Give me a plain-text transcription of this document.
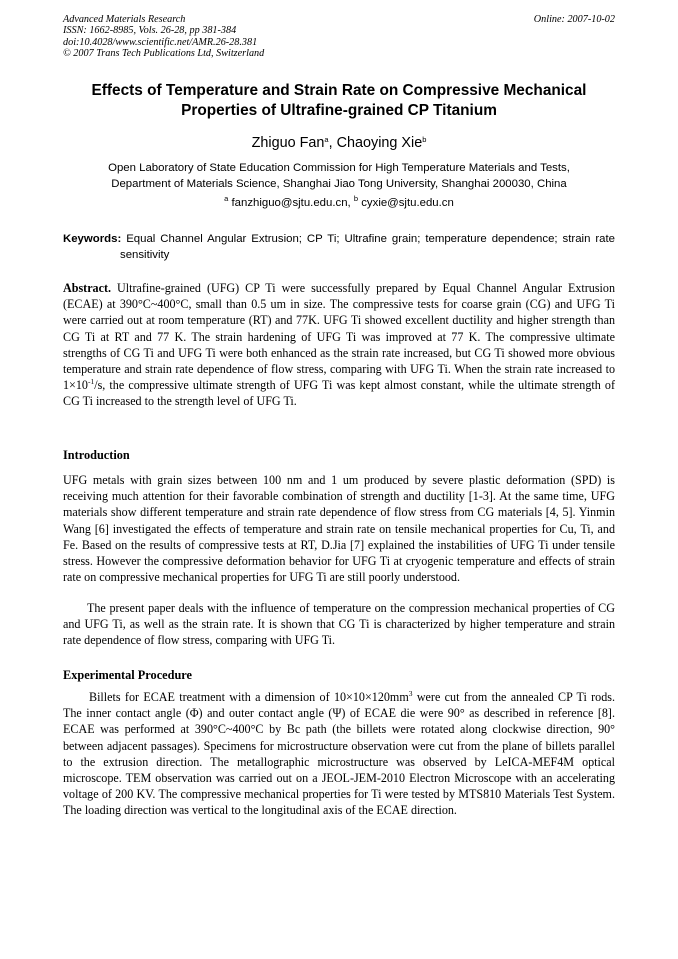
Advanced Materials Research
ISSN: 1662-8985, Vols. 26-28, pp 381-384
doi:10.4028/www.scientific.net/AMR.26-28.381
© 2007 Trans Tech Publications Ltd, Switzerland
Online: 2007-10-02
Effects of Temperature and Strain Rate on Compressive Mechanical
Properties of Ultrafine-grained CP Titanium
Zhiguo Fan$^a$, Chaoying Xie$^b$
Open Laboratory of State Education Commission for High Temperature Materials and Tests,
Department of Materials Science, Shanghai Jiao Tong University, Shanghai 200030, China
$^a$ fanzhiguo@sjtu.edu.cn, $^b$ cyxie@sjtu.edu.cn
Keywords: Equal Channel Angular Extrusion; CP Ti; Ultrafine grain; temperature dependence; strain rate sensitivity
Abstract. Ultrafine-grained (UFG) CP Ti were successfully prepared by Equal Channel Angular Extrusion (ECAE) at 390°C~400°C, small than 0.5 um in size. The compressive tests for coarse grain (CG) and UFG Ti were carried out at room temperature (RT) and 77K. UFG Ti showed excellent ductility and higher strength than CG Ti at RT and 77 K. The strain hardening of UFG Ti was improved at 77 K. The compressive ultimate strengths of CG Ti and UFG Ti were both enhanced as the strain rate increased, but CG Ti showed more obvious temperature and strain rate dependence of flow stress, comparing with UFG Ti. When the strain rate increased to $1\times 10^{-1}/s$, the compressive ultimate strength of UFG Ti was kept almost constant, while the ultimate strength of CG Ti increased to the strength level of UFG Ti.
Introduction
UFG metals with grain sizes between 100 nm and 1 um produced by severe plastic deformation (SPD) is receiving much attention for their favorable combination of strength and ductility [1-3]. At the same time, UFG materials show different temperature and strain rate dependence of flow stress from CG materials [4, 5]. Yinmin Wang [6] investigated the effects of temperature and strain rate on tensile mechanical properties for Cu, Ti, and Fe. Based on the results of compressive tests at RT, D.Jia [7] explained the instabilities of UFG Ti under tensile stress. However the compressive deformation behavior for UFG Ti at cryogenic temperature and effects of strain rate on compressive mechanical properties for UFG Ti are still poorly understood.
The present paper deals with the influence of temperature on the compression mechanical properties of CG and UFG Ti, as well as the strain rate. It is shown that CG Ti is characterized by higher temperature and strain rate dependence of flow stress, comparing with UFG Ti.
Experimental Procedure
Billets for ECAE treatment with a dimension of $10\times 10\times 120mm^3$ were cut from the annealed CP Ti rods. The inner contact angle (Φ) and outer contact angle (Ψ) of ECAE die were 90° as described in reference [8]. ECAE was performed at 390°C~400°C by Bc path (the billets were rotated along clockwise direction, 90° between adjacent passages). Specimens for microstructure observation were cut from the plane of billets parallel to the extrusion direction. The metallographic microstructure was observed by LeICA-MEF4M optical microscope. TEM observation was carried out on a JEOL-JEM-2010 Electron Microscope with an accelerating voltage of 200 KV. The compressive mechanical properties for Ti were tested by MTS810 Materials Test System. The loading direction was vertical to the longitudinal axis of the ECAE direction.
